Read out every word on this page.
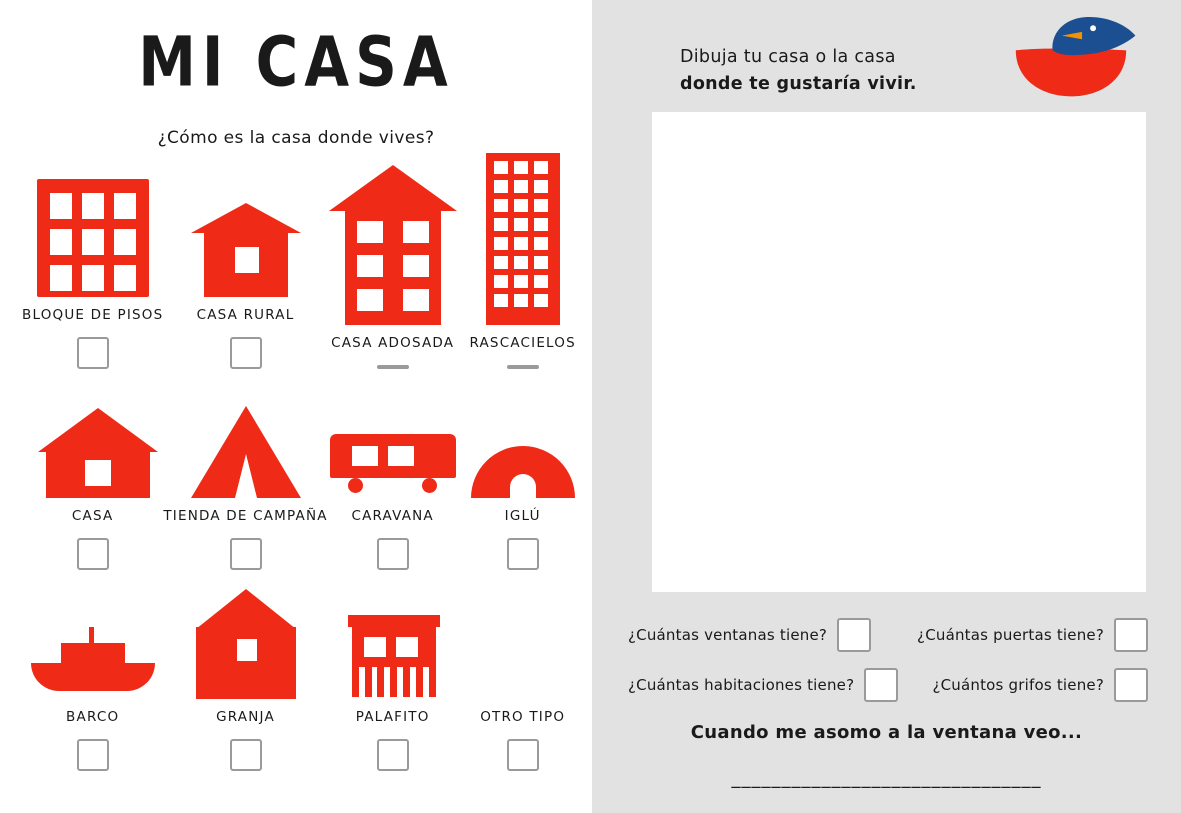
MI CASA
¿Cómo es la casa donde vives?
BLOQUE DE PISOS CASA RURAL
CASA ADOSADA RASCACIELOS
CASA	TIENDA DE CAMPAÑA CARAVANA	IGLÚ
BARCO	GRANJA	PALAFITO	OTRO TIPO
Dibuja tu casa o la casa
donde te gustaría vivir.
¿Cuántas ventanas tiene?	¿Cuántas puertas tiene?
¿Cuántas habitaciones tiene?	¿Cuántos grifos tiene?
Cuando me asomo a la ventana veo...
_______________________________
